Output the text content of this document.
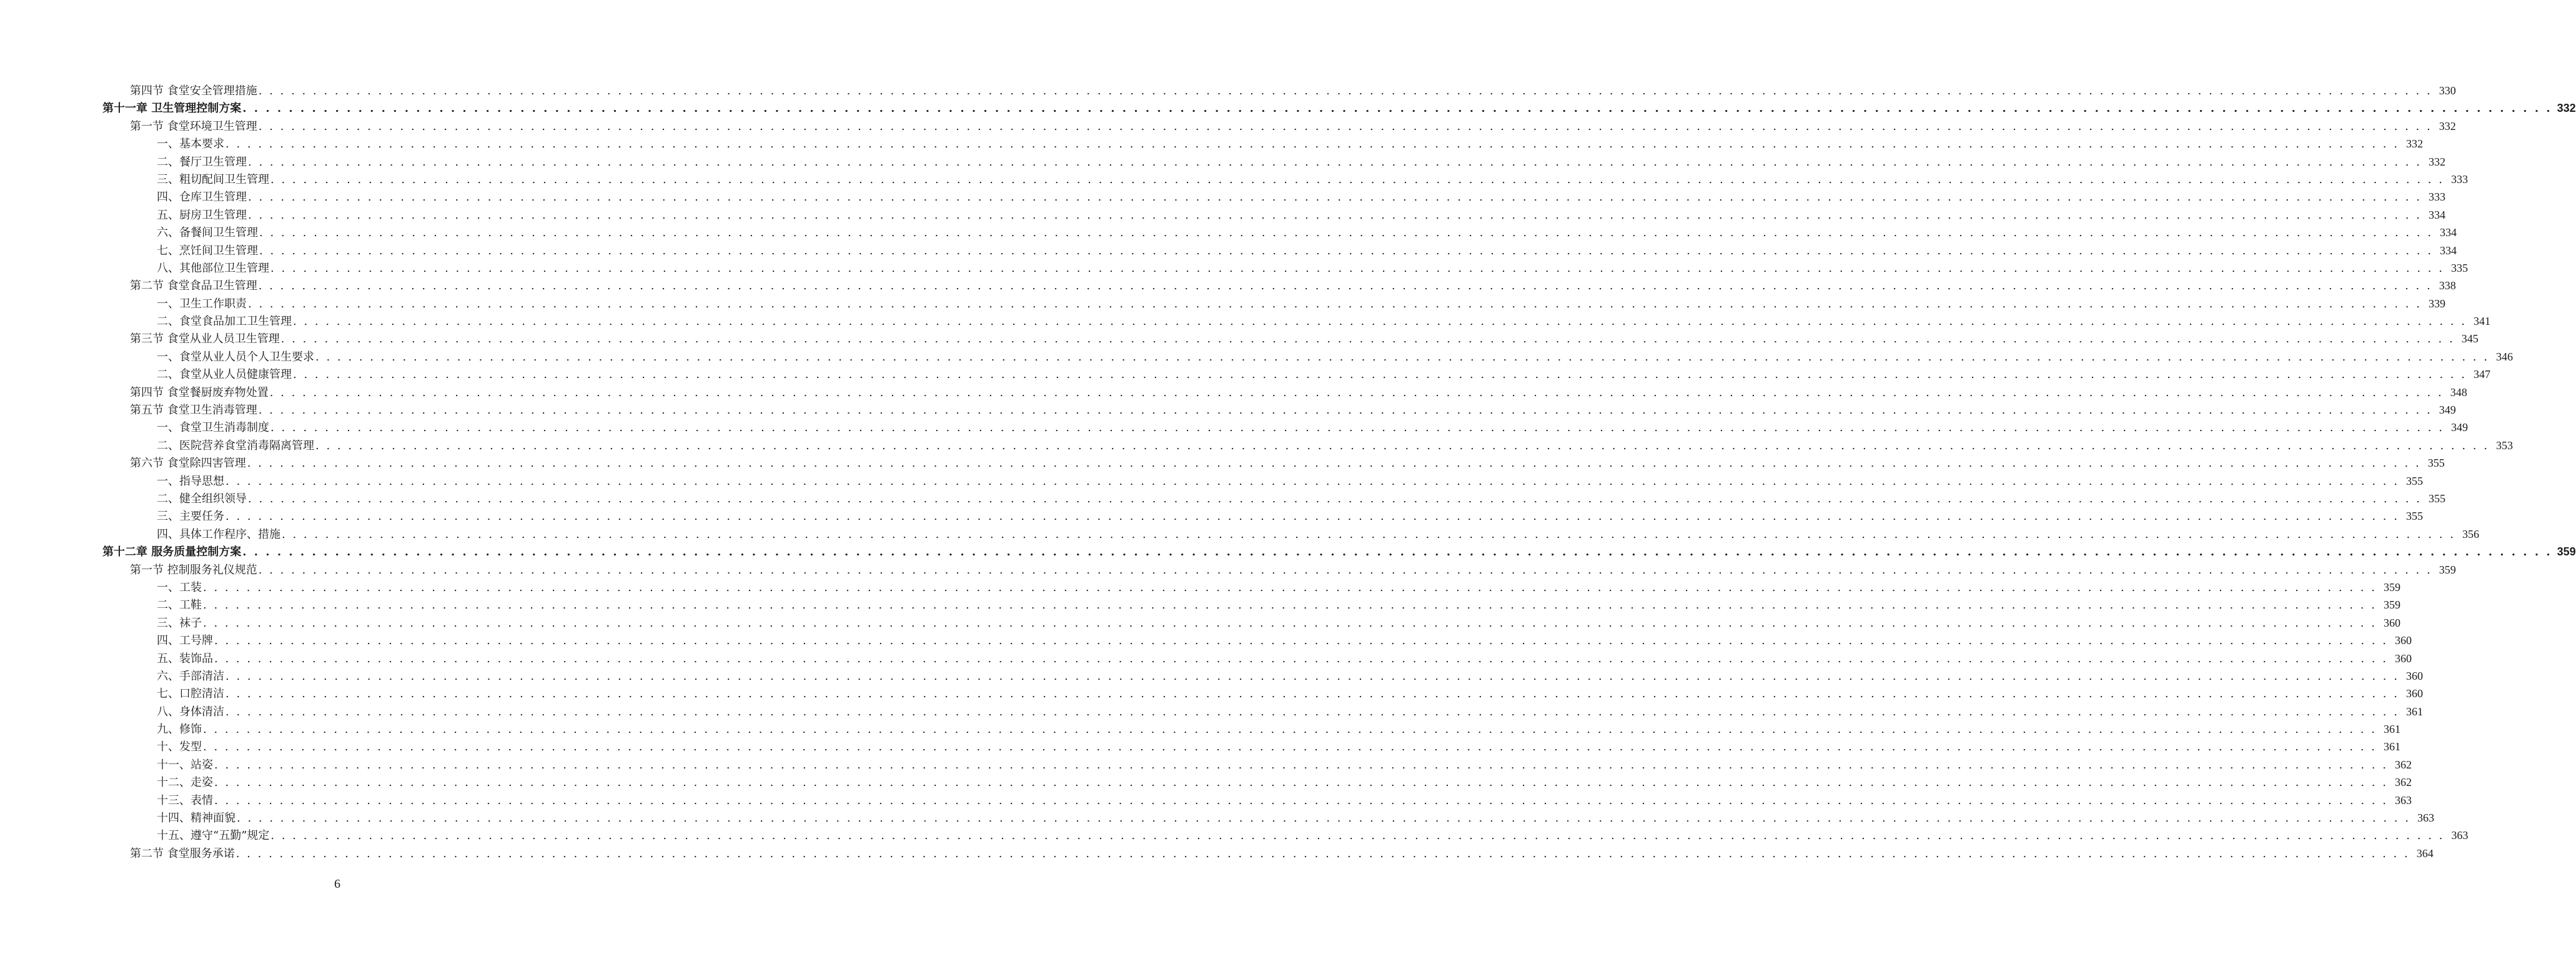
第四节 食堂安全管理措施 . . . . . . . . . . . . . . . . . . . . . . . . . . . . . . . . . . . . . . . . . . . . . . . . . . . . . . . . . . . . . . . . . . . . . . . . . . . . . . . . . . . . . . . . . . . . . . . . . . . . . . . . . . . . . . . . . . . . . . . . . . . . . . . . . . . . . . . . . . . . . . . . . . . . . . . . . . . . . . . . . . . . . . . . . . . . . . . . . . . . . . . . . . . . . . . . . . . . . . . . 330
第十一章 卫生管理控制方案 . . . . . . . . . . . . . . . . . . . . . . . . . . . . . . . . . . . . . . . . . . . . . . . . . . . . . . . . . . . . . . . . . . . . . . . . . . . . . . . . . . . . . . . . . . . . . . . . . . . . . . . . . . . . . . . . . . . . . . . . . . . . . . . . . . . . . . . . . . . . . . . . . . . . . . . . . . . . . . . . . . . . . . . . . . . . . . . . . . . . . . . . . . . . . . . . . . . . . . . . 332
第一节 食堂环境卫生管理 . . . . . . . . . . . . . . . . . . . . . . . . . . . . . . . . . . . . . . . . . . . . . . . . . . . . . . . . . . . . . . . . . . . . . . . . . . . . . . . . . . . . . . . . . . . . . . . . . . . . . . . . . . . . . . . . . . . . . . . . . . . . . . . . . . . . . . . . . . . . . . . . . . . . . . . . . . . . . . . . . . . . . . . . . . . . . . . . . . . . . . . . . . . . . . . . . . . . . . . . 332
一、基本要求 . . . . . . . . . . . . . . . . . . . . . . . . . . . . . . . . . . . . . . . . . . . . . . . . . . . . . . . . . . . . . . . . . . . . . . . . . . . . . . . . . . . . . . . . . . . . . . . . . . . . . . . . . . . . . . . . . . . . . . . . . . . . . . . . . . . . . . . . . . . . . . . . . . . . . . . . . . . . . . . . . . . . . . . . . . . . . . . . . . . . . . . . . . . . . . . . . . . . . . . . 332
二、餐厅卫生管理 . . . . . . . . . . . . . . . . . . . . . . . . . . . . . . . . . . . . . . . . . . . . . . . . . . . . . . . . . . . . . . . . . . . . . . . . . . . . . . . . . . . . . . . . . . . . . . . . . . . . . . . . . . . . . . . . . . . . . . . . . . . . . . . . . . . . . . . . . . . . . . . . . . . . . . . . . . . . . . . . . . . . . . . . . . . . . . . . . . . . . . . . . . . . . . . . . . . . . . . . 332
三、粗切配间卫生管理 . . . . . . . . . . . . . . . . . . . . . . . . . . . . . . . . . . . . . . . . . . . . . . . . . . . . . . . . . . . . . . . . . . . . . . . . . . . . . . . . . . . . . . . . . . . . . . . . . . . . . . . . . . . . . . . . . . . . . . . . . . . . . . . . . . . . . . . . . . . . . . . . . . . . . . . . . . . . . . . . . . . . . . . . . . . . . . . . . . . . . . . . . . . . . . . . . . . . . . . . 333
四、仓库卫生管理 . . . . . . . . . . . . . . . . . . . . . . . . . . . . . . . . . . . . . . . . . . . . . . . . . . . . . . . . . . . . . . . . . . . . . . . . . . . . . . . . . . . . . . . . . . . . . . . . . . . . . . . . . . . . . . . . . . . . . . . . . . . . . . . . . . . . . . . . . . . . . . . . . . . . . . . . . . . . . . . . . . . . . . . . . . . . . . . . . . . . . . . . . . . . . . . . . . . . . . . . 333
五、厨房卫生管理 . . . . . . . . . . . . . . . . . . . . . . . . . . . . . . . . . . . . . . . . . . . . . . . . . . . . . . . . . . . . . . . . . . . . . . . . . . . . . . . . . . . . . . . . . . . . . . . . . . . . . . . . . . . . . . . . . . . . . . . . . . . . . . . . . . . . . . . . . . . . . . . . . . . . . . . . . . . . . . . . . . . . . . . . . . . . . . . . . . . . . . . . . . . . . . . . . . . . . . . . 334
六、备餐间卫生管理 . . . . . . . . . . . . . . . . . . . . . . . . . . . . . . . . . . . . . . . . . . . . . . . . . . . . . . . . . . . . . . . . . . . . . . . . . . . . . . . . . . . . . . . . . . . . . . . . . . . . . . . . . . . . . . . . . . . . . . . . . . . . . . . . . . . . . . . . . . . . . . . . . . . . . . . . . . . . . . . . . . . . . . . . . . . . . . . . . . . . . . . . . . . . . . . . . . . . . . . . 334
七、烹饪间卫生管理 . . . . . . . . . . . . . . . . . . . . . . . . . . . . . . . . . . . . . . . . . . . . . . . . . . . . . . . . . . . . . . . . . . . . . . . . . . . . . . . . . . . . . . . . . . . . . . . . . . . . . . . . . . . . . . . . . . . . . . . . . . . . . . . . . . . . . . . . . . . . . . . . . . . . . . . . . . . . . . . . . . . . . . . . . . . . . . . . . . . . . . . . . . . . . . . . . . . . . . . . 334
八、其他部位卫生管理 . . . . . . . . . . . . . . . . . . . . . . . . . . . . . . . . . . . . . . . . . . . . . . . . . . . . . . . . . . . . . . . . . . . . . . . . . . . . . . . . . . . . . . . . . . . . . . . . . . . . . . . . . . . . . . . . . . . . . . . . . . . . . . . . . . . . . . . . . . . . . . . . . . . . . . . . . . . . . . . . . . . . . . . . . . . . . . . . . . . . . . . . . . . . . . . . . . . . . . . . 335
第二节 食堂食品卫生管理 . . . . . . . . . . . . . . . . . . . . . . . . . . . . . . . . . . . . . . . . . . . . . . . . . . . . . . . . . . . . . . . . . . . . . . . . . . . . . . . . . . . . . . . . . . . . . . . . . . . . . . . . . . . . . . . . . . . . . . . . . . . . . . . . . . . . . . . . . . . . . . . . . . . . . . . . . . . . . . . . . . . . . . . . . . . . . . . . . . . . . . . . . . . . . . . . . . . . . . . . 338
一、卫生工作职责 . . . . . . . . . . . . . . . . . . . . . . . . . . . . . . . . . . . . . . . . . . . . . . . . . . . . . . . . . . . . . . . . . . . . . . . . . . . . . . . . . . . . . . . . . . . . . . . . . . . . . . . . . . . . . . . . . . . . . . . . . . . . . . . . . . . . . . . . . . . . . . . . . . . . . . . . . . . . . . . . . . . . . . . . . . . . . . . . . . . . . . . . . . . . . . . . . . . . . . . . 339
二、食堂食品加工卫生管理 . . . . . . . . . . . . . . . . . . . . . . . . . . . . . . . . . . . . . . . . . . . . . . . . . . . . . . . . . . . . . . . . . . . . . . . . . . . . . . . . . . . . . . . . . . . . . . . . . . . . . . . . . . . . . . . . . . . . . . . . . . . . . . . . . . . . . . . . . . . . . . . . . . . . . . . . . . . . . . . . . . . . . . . . . . . . . . . . . . . . . . . . . . . . . . . . . . . . . . . . 341
第三节 食堂从业人员卫生管理 . . . . . . . . . . . . . . . . . . . . . . . . . . . . . . . . . . . . . . . . . . . . . . . . . . . . . . . . . . . . . . . . . . . . . . . . . . . . . . . . . . . . . . . . . . . . . . . . . . . . . . . . . . . . . . . . . . . . . . . . . . . . . . . . . . . . . . . . . . . . . . . . . . . . . . . . . . . . . . . . . . . . . . . . . . . . . . . . . . . . . . . . . . . . . . . . . . . . . . . . 345
一、食堂从业人员个人卫生要求 . . . . . . . . . . . . . . . . . . . . . . . . . . . . . . . . . . . . . . . . . . . . . . . . . . . . . . . . . . . . . . . . . . . . . . . . . . . . . . . . . . . . . . . . . . . . . . . . . . . . . . . . . . . . . . . . . . . . . . . . . . . . . . . . . . . . . . . . . . . . . . . . . . . . . . . . . . . . . . . . . . . . . . . . . . . . . . . . . . . . . . . . . . . . . . . . . . . . . . . . 346
二、食堂从业人员健康管理 . . . . . . . . . . . . . . . . . . . . . . . . . . . . . . . . . . . . . . . . . . . . . . . . . . . . . . . . . . . . . . . . . . . . . . . . . . . . . . . . . . . . . . . . . . . . . . . . . . . . . . . . . . . . . . . . . . . . . . . . . . . . . . . . . . . . . . . . . . . . . . . . . . . . . . . . . . . . . . . . . . . . . . . . . . . . . . . . . . . . . . . . . . . . . . . . . . . . . . . . 347
第四节 食堂餐厨废弃物处置 . . . . . . . . . . . . . . . . . . . . . . . . . . . . . . . . . . . . . . . . . . . . . . . . . . . . . . . . . . . . . . . . . . . . . . . . . . . . . . . . . . . . . . . . . . . . . . . . . . . . . . . . . . . . . . . . . . . . . . . . . . . . . . . . . . . . . . . . . . . . . . . . . . . . . . . . . . . . . . . . . . . . . . . . . . . . . . . . . . . . . . . . . . . . . . . . . . . . . . . . 348
第五节 食堂卫生消毒管理 . . . . . . . . . . . . . . . . . . . . . . . . . . . . . . . . . . . . . . . . . . . . . . . . . . . . . . . . . . . . . . . . . . . . . . . . . . . . . . . . . . . . . . . . . . . . . . . . . . . . . . . . . . . . . . . . . . . . . . . . . . . . . . . . . . . . . . . . . . . . . . . . . . . . . . . . . . . . . . . . . . . . . . . . . . . . . . . . . . . . . . . . . . . . . . . . . . . . . . . . 349
一、食堂卫生消毒制度 . . . . . . . . . . . . . . . . . . . . . . . . . . . . . . . . . . . . . . . . . . . . . . . . . . . . . . . . . . . . . . . . . . . . . . . . . . . . . . . . . . . . . . . . . . . . . . . . . . . . . . . . . . . . . . . . . . . . . . . . . . . . . . . . . . . . . . . . . . . . . . . . . . . . . . . . . . . . . . . . . . . . . . . . . . . . . . . . . . . . . . . . . . . . . . . . . . . . . . . . 349
二、医院营养食堂消毒隔离管理 . . . . . . . . . . . . . . . . . . . . . . . . . . . . . . . . . . . . . . . . . . . . . . . . . . . . . . . . . . . . . . . . . . . . . . . . . . . . . . . . . . . . . . . . . . . . . . . . . . . . . . . . . . . . . . . . . . . . . . . . . . . . . . . . . . . . . . . . . . . . . . . . . . . . . . . . . . . . . . . . . . . . . . . . . . . . . . . . . . . . . . . . . . . . . . . . . . . . . . . . 353
第六节 食堂除四害管理 . . . . . . . . . . . . . . . . . . . . . . . . . . . . . . . . . . . . . . . . . . . . . . . . . . . . . . . . . . . . . . . . . . . . . . . . . . . . . . . . . . . . . . . . . . . . . . . . . . . . . . . . . . . . . . . . . . . . . . . . . . . . . . . . . . . . . . . . . . . . . . . . . . . . . . . . . . . . . . . . . . . . . . . . . . . . . . . . . . . . . . . . . . . . . . . . . . . . . . . . 355
一、指导思想 . . . . . . . . . . . . . . . . . . . . . . . . . . . . . . . . . . . . . . . . . . . . . . . . . . . . . . . . . . . . . . . . . . . . . . . . . . . . . . . . . . . . . . . . . . . . . . . . . . . . . . . . . . . . . . . . . . . . . . . . . . . . . . . . . . . . . . . . . . . . . . . . . . . . . . . . . . . . . . . . . . . . . . . . . . . . . . . . . . . . . . . . . . . . . . . . . . . . . . . . 355
二、健全组织领导 . . . . . . . . . . . . . . . . . . . . . . . . . . . . . . . . . . . . . . . . . . . . . . . . . . . . . . . . . . . . . . . . . . . . . . . . . . . . . . . . . . . . . . . . . . . . . . . . . . . . . . . . . . . . . . . . . . . . . . . . . . . . . . . . . . . . . . . . . . . . . . . . . . . . . . . . . . . . . . . . . . . . . . . . . . . . . . . . . . . . . . . . . . . . . . . . . . . . . . . . 355
三、主要任务 . . . . . . . . . . . . . . . . . . . . . . . . . . . . . . . . . . . . . . . . . . . . . . . . . . . . . . . . . . . . . . . . . . . . . . . . . . . . . . . . . . . . . . . . . . . . . . . . . . . . . . . . . . . . . . . . . . . . . . . . . . . . . . . . . . . . . . . . . . . . . . . . . . . . . . . . . . . . . . . . . . . . . . . . . . . . . . . . . . . . . . . . . . . . . . . . . . . . . . . . 355
四、具体工作程序、措施 . . . . . . . . . . . . . . . . . . . . . . . . . . . . . . . . . . . . . . . . . . . . . . . . . . . . . . . . . . . . . . . . . . . . . . . . . . . . . . . . . . . . . . . . . . . . . . . . . . . . . . . . . . . . . . . . . . . . . . . . . . . . . . . . . . . . . . . . . . . . . . . . . . . . . . . . . . . . . . . . . . . . . . . . . . . . . . . . . . . . . . . . . . . . . . . . . . . . . . . . 356
第十二章 服务质量控制方案 . . . . . . . . . . . . . . . . . . . . . . . . . . . . . . . . . . . . . . . . . . . . . . . . . . . . . . . . . . . . . . . . . . . . . . . . . . . . . . . . . . . . . . . . . . . . . . . . . . . . . . . . . . . . . . . . . . . . . . . . . . . . . . . . . . . . . . . . . . . . . . . . . . . . . . . . . . . . . . . . . . . . . . . . . . . . . . . . . . . . . . . . . . . . . . . . . . . . . . . . 359
第一节 控制服务礼仪规范 . . . . . . . . . . . . . . . . . . . . . . . . . . . . . . . . . . . . . . . . . . . . . . . . . . . . . . . . . . . . . . . . . . . . . . . . . . . . . . . . . . . . . . . . . . . . . . . . . . . . . . . . . . . . . . . . . . . . . . . . . . . . . . . . . . . . . . . . . . . . . . . . . . . . . . . . . . . . . . . . . . . . . . . . . . . . . . . . . . . . . . . . . . . . . . . . . . . . . . . . 359
一、工装 . . . . . . . . . . . . . . . . . . . . . . . . . . . . . . . . . . . . . . . . . . . . . . . . . . . . . . . . . . . . . . . . . . . . . . . . . . . . . . . . . . . . . . . . . . . . . . . . . . . . . . . . . . . . . . . . . . . . . . . . . . . . . . . . . . . . . . . . . . . . . . . . . . . . . . . . . . . . . . . . . . . . . . . . . . . . . . . . . . . . . . . . . . . . . . . . . . . . . . . . 359
二、工鞋 . . . . . . . . . . . . . . . . . . . . . . . . . . . . . . . . . . . . . . . . . . . . . . . . . . . . . . . . . . . . . . . . . . . . . . . . . . . . . . . . . . . . . . . . . . . . . . . . . . . . . . . . . . . . . . . . . . . . . . . . . . . . . . . . . . . . . . . . . . . . . . . . . . . . . . . . . . . . . . . . . . . . . . . . . . . . . . . . . . . . . . . . . . . . . . . . . . . . . . . . 359
三、袜子 . . . . . . . . . . . . . . . . . . . . . . . . . . . . . . . . . . . . . . . . . . . . . . . . . . . . . . . . . . . . . . . . . . . . . . . . . . . . . . . . . . . . . . . . . . . . . . . . . . . . . . . . . . . . . . . . . . . . . . . . . . . . . . . . . . . . . . . . . . . . . . . . . . . . . . . . . . . . . . . . . . . . . . . . . . . . . . . . . . . . . . . . . . . . . . . . . . . . . . . . 360
四、工号牌 . . . . . . . . . . . . . . . . . . . . . . . . . . . . . . . . . . . . . . . . . . . . . . . . . . . . . . . . . . . . . . . . . . . . . . . . . . . . . . . . . . . . . . . . . . . . . . . . . . . . . . . . . . . . . . . . . . . . . . . . . . . . . . . . . . . . . . . . . . . . . . . . . . . . . . . . . . . . . . . . . . . . . . . . . . . . . . . . . . . . . . . . . . . . . . . . . . . . . . . . 360
五、装饰品 . . . . . . . . . . . . . . . . . . . . . . . . . . . . . . . . . . . . . . . . . . . . . . . . . . . . . . . . . . . . . . . . . . . . . . . . . . . . . . . . . . . . . . . . . . . . . . . . . . . . . . . . . . . . . . . . . . . . . . . . . . . . . . . . . . . . . . . . . . . . . . . . . . . . . . . . . . . . . . . . . . . . . . . . . . . . . . . . . . . . . . . . . . . . . . . . . . . . . . . . 360
六、手部清洁 . . . . . . . . . . . . . . . . . . . . . . . . . . . . . . . . . . . . . . . . . . . . . . . . . . . . . . . . . . . . . . . . . . . . . . . . . . . . . . . . . . . . . . . . . . . . . . . . . . . . . . . . . . . . . . . . . . . . . . . . . . . . . . . . . . . . . . . . . . . . . . . . . . . . . . . . . . . . . . . . . . . . . . . . . . . . . . . . . . . . . . . . . . . . . . . . . . . . . . . . 360
七、口腔清洁 . . . . . . . . . . . . . . . . . . . . . . . . . . . . . . . . . . . . . . . . . . . . . . . . . . . . . . . . . . . . . . . . . . . . . . . . . . . . . . . . . . . . . . . . . . . . . . . . . . . . . . . . . . . . . . . . . . . . . . . . . . . . . . . . . . . . . . . . . . . . . . . . . . . . . . . . . . . . . . . . . . . . . . . . . . . . . . . . . . . . . . . . . . . . . . . . . . . . . . . . 360
八、身体清洁 . . . . . . . . . . . . . . . . . . . . . . . . . . . . . . . . . . . . . . . . . . . . . . . . . . . . . . . . . . . . . . . . . . . . . . . . . . . . . . . . . . . . . . . . . . . . . . . . . . . . . . . . . . . . . . . . . . . . . . . . . . . . . . . . . . . . . . . . . . . . . . . . . . . . . . . . . . . . . . . . . . . . . . . . . . . . . . . . . . . . . . . . . . . . . . . . . . . . . . . . 361
九、修饰 . . . . . . . . . . . . . . . . . . . . . . . . . . . . . . . . . . . . . . . . . . . . . . . . . . . . . . . . . . . . . . . . . . . . . . . . . . . . . . . . . . . . . . . . . . . . . . . . . . . . . . . . . . . . . . . . . . . . . . . . . . . . . . . . . . . . . . . . . . . . . . . . . . . . . . . . . . . . . . . . . . . . . . . . . . . . . . . . . . . . . . . . . . . . . . . . . . . . . . . . 361
十、发型 . . . . . . . . . . . . . . . . . . . . . . . . . . . . . . . . . . . . . . . . . . . . . . . . . . . . . . . . . . . . . . . . . . . . . . . . . . . . . . . . . . . . . . . . . . . . . . . . . . . . . . . . . . . . . . . . . . . . . . . . . . . . . . . . . . . . . . . . . . . . . . . . . . . . . . . . . . . . . . . . . . . . . . . . . . . . . . . . . . . . . . . . . . . . . . . . . . . . . . . . 361
十一、站姿 . . . . . . . . . . . . . . . . . . . . . . . . . . . . . . . . . . . . . . . . . . . . . . . . . . . . . . . . . . . . . . . . . . . . . . . . . . . . . . . . . . . . . . . . . . . . . . . . . . . . . . . . . . . . . . . . . . . . . . . . . . . . . . . . . . . . . . . . . . . . . . . . . . . . . . . . . . . . . . . . . . . . . . . . . . . . . . . . . . . . . . . . . . . . . . . . . . . . . . . . 362
十二、走姿 . . . . . . . . . . . . . . . . . . . . . . . . . . . . . . . . . . . . . . . . . . . . . . . . . . . . . . . . . . . . . . . . . . . . . . . . . . . . . . . . . . . . . . . . . . . . . . . . . . . . . . . . . . . . . . . . . . . . . . . . . . . . . . . . . . . . . . . . . . . . . . . . . . . . . . . . . . . . . . . . . . . . . . . . . . . . . . . . . . . . . . . . . . . . . . . . . . . . . . . . 362
十三、表情 . . . . . . . . . . . . . . . . . . . . . . . . . . . . . . . . . . . . . . . . . . . . . . . . . . . . . . . . . . . . . . . . . . . . . . . . . . . . . . . . . . . . . . . . . . . . . . . . . . . . . . . . . . . . . . . . . . . . . . . . . . . . . . . . . . . . . . . . . . . . . . . . . . . . . . . . . . . . . . . . . . . . . . . . . . . . . . . . . . . . . . . . . . . . . . . . . . . . . . . . 363
十四、精神面貌 . . . . . . . . . . . . . . . . . . . . . . . . . . . . . . . . . . . . . . . . . . . . . . . . . . . . . . . . . . . . . . . . . . . . . . . . . . . . . . . . . . . . . . . . . . . . . . . . . . . . . . . . . . . . . . . . . . . . . . . . . . . . . . . . . . . . . . . . . . . . . . . . . . . . . . . . . . . . . . . . . . . . . . . . . . . . . . . . . . . . . . . . . . . . . . . . . . . . . . . . 363
十五、遵守“五勤”规定 . . . . . . . . . . . . . . . . . . . . . . . . . . . . . . . . . . . . . . . . . . . . . . . . . . . . . . . . . . . . . . . . . . . . . . . . . . . . . . . . . . . . . . . . . . . . . . . . . . . . . . . . . . . . . . . . . . . . . . . . . . . . . . . . . . . . . . . . . . . . . . . . . . . . . . . . . . . . . . . . . . . . . . . . . . . . . . . . . . . . . . . . . . . . . . . . . . . . . . . . 363
第二节 食堂服务承诺 . . . . . . . . . . . . . . . . . . . . . . . . . . . . . . . . . . . . . . . . . . . . . . . . . . . . . . . . . . . . . . . . . . . . . . . . . . . . . . . . . . . . . . . . . . . . . . . . . . . . . . . . . . . . . . . . . . . . . . . . . . . . . . . . . . . . . . . . . . . . . . . . . . . . . . . . . . . . . . . . . . . . . . . . . . . . . . . . . . . . . . . . . . . . . . . . . . . . . . . . 364
6
